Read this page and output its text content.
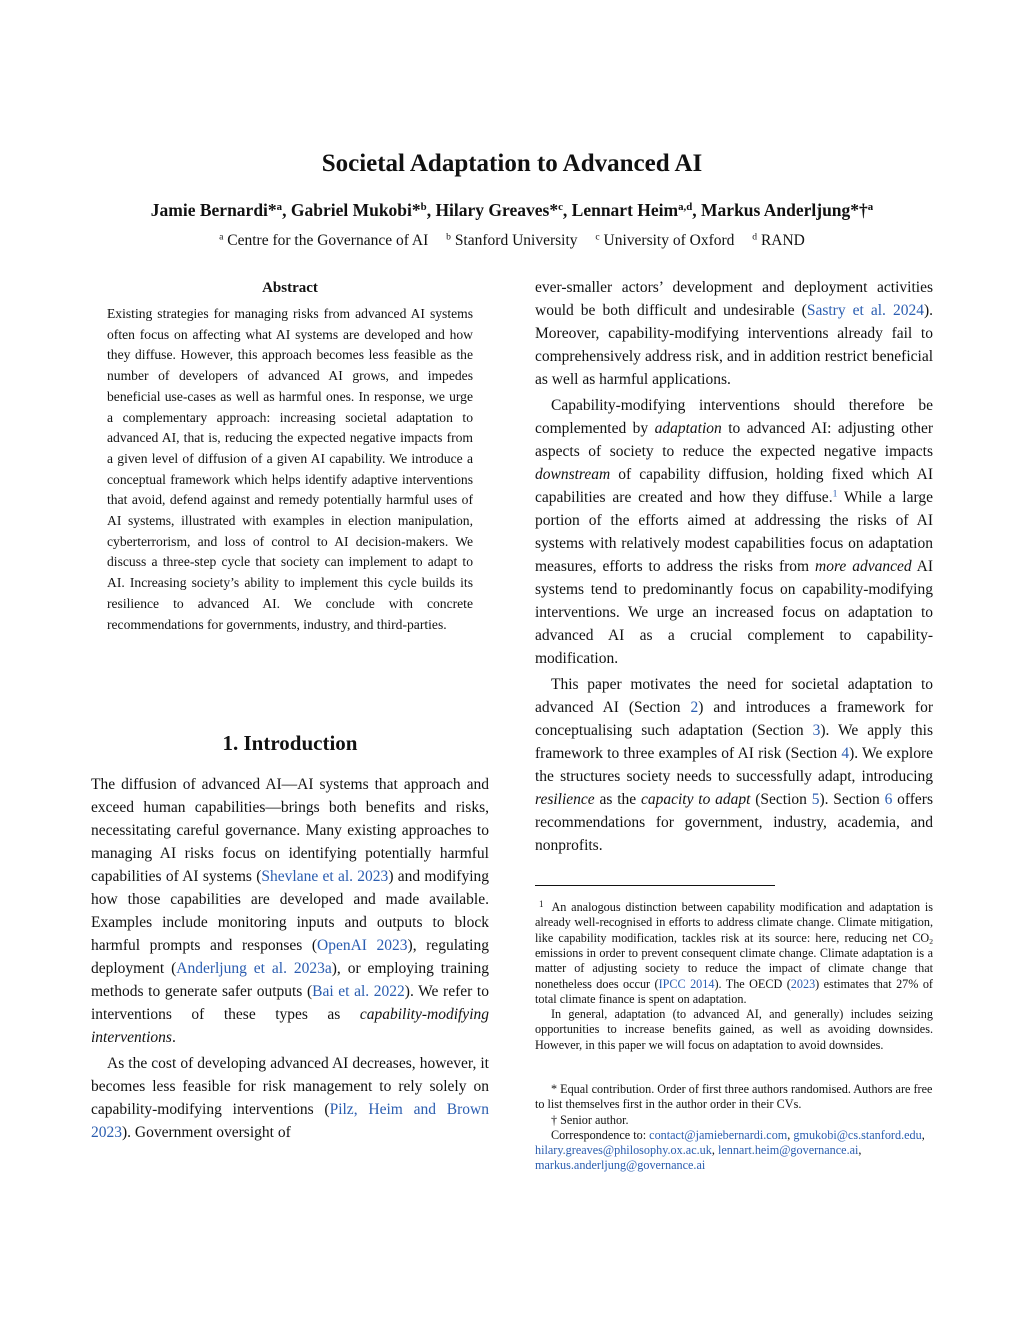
Societal Adaptation to Advanced AI
Jamie Bernardi*$^a$, Gabriel Mukobi*$^b$, Hilary Greaves*$^c$, Lennart Heim$^{a,d}$, Markus Anderljung*†$^a$
$^a$ Centre for the Governance of AI $^b$ Stanford University $^c$ University of Oxford $^d$ RAND
Abstract

Existing strategies for managing risks from advanced AI systems often focus on affecting what AI systems are developed and how they diffuse. However, this approach becomes less feasible as the number of developers of advanced AI grows, and impedes beneficial use-cases as well as harmful ones. In response, we urge a complementary approach: increasing societal adaptation to advanced AI, that is, reducing the expected negative impacts from a given level of diffusion of a given AI capability. We introduce a conceptual framework which helps identify adaptive interventions that avoid, defend against and remedy potentially harmful uses of AI systems, illustrated with examples in election manipulation, cyberterrorism, and loss of control to AI decision-makers. We discuss a three-step cycle that society can implement to adapt to AI. Increasing society’s ability to implement this cycle builds its resilience to advanced AI. We conclude with concrete recommendations for governments, industry, and third-parties.

1. Introduction

The diffusion of advanced AI—AI systems that approach and exceed human capabilities—brings both benefits and risks, necessitating careful governance. Many existing approaches to managing AI risks focus on identifying potentially harmful capabilities of AI systems (Shevlane et al. 2023) and modifying how those capabilities are developed and made available. Examples include monitoring inputs and outputs to block harmful prompts and responses (OpenAI 2023), regulating deployment (Anderljung et al. 2023a), or employing training methods to generate safer outputs (Bai et al. 2022). We refer to interventions of these types as capability-modifying interventions.

As the cost of developing advanced AI decreases, however, it becomes less feasible for risk management to rely solely on capability-modifying interventions (Pilz, Heim and Brown 2023). Government oversight of

ever-smaller actors’ development and deployment activities would be both difficult and undesirable (Sastry et al. 2024). Moreover, capability-modifying interventions already fail to comprehensively address risk, and in addition restrict beneficial as well as harmful applications.

Capability-modifying interventions should therefore be complemented by adaptation to advanced AI: adjusting other aspects of society to reduce the expected negative impacts downstream of capability diffusion, holding fixed which AI capabilities are created and how they diffuse.$^1$ While a large portion of the efforts aimed at addressing the risks of AI systems with relatively modest capabilities focus on adaptation measures, efforts to address the risks from more advanced AI systems tend to predominantly focus on capability-modifying interventions. We urge an increased focus on adaptation to advanced AI as a crucial complement to capability-modification.

This paper motivates the need for societal adaptation to advanced AI (Section 2) and introduces a framework for conceptualising such adaptation (Section 3). We apply this framework to three examples of AI risk (Section 4). We explore the structures society needs to successfully adapt, introducing resilience as the capacity to adapt (Section 5). Section 6 offers recommendations for government, industry, academia, and nonprofits.

$^1$ An analogous distinction between capability modification and adaptation is already well-recognised in efforts to address climate change. Climate mitigation, like capability modification, tackles risk at its source: here, reducing net $CO_2$ emissions in order to prevent consequent climate change. Climate adaptation is a matter of adjusting society to reduce the impact of climate change that nonetheless does occur (IPCC 2014). The OECD (2023) estimates that 27% of total climate finance is spent on adaptation.

In general, adaptation (to advanced AI, and generally) includes seizing opportunities to increase benefits gained, as well as avoiding downsides. However, in this paper we will focus on adaptation to avoid downsides.

* Equal contribution. Order of first three authors randomised. Authors are free to list themselves first in the author order in their CVs.

† Senior author.

Correspondence to: contact@jamiebernardi.com, gmukobi@cs.stanford.edu, hilary.greaves@philosophy.ox.ac.uk, lennart.heim@governance.ai, markus.anderljung@governance.ai
